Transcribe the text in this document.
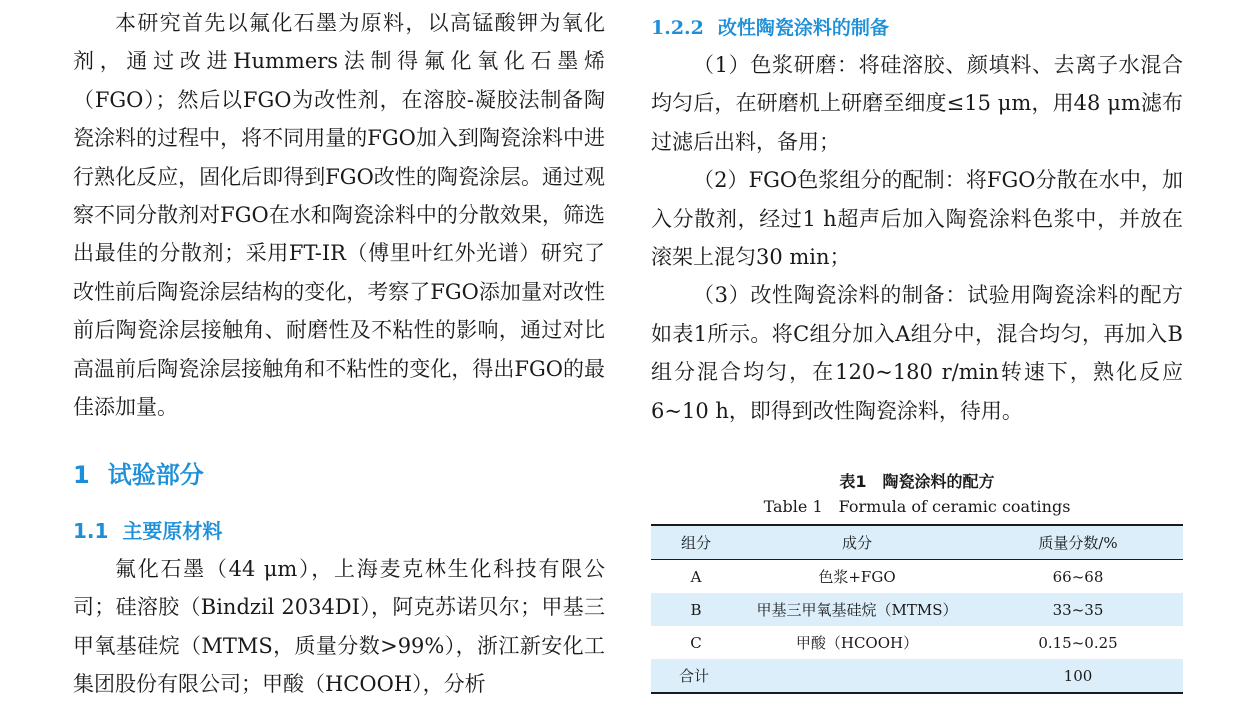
本研究首先以氟化石墨为原料，以高锰酸钾为氧化剂，通过改进Hummers法制得氟化氧化石墨烯（FGO）；然后以FGO为改性剂，在溶胶-凝胶法制备陶瓷涂料的过程中，将不同用量的FGO加入到陶瓷涂料中进行熟化反应，固化后即得到FGO改性的陶瓷涂层。通过观察不同分散剂对FGO在水和陶瓷涂料中的分散效果，筛选出最佳的分散剂；采用FT-IR（傅里叶红外光谱）研究了改性前后陶瓷涂层结构的变化，考察了FGO添加量对改性前后陶瓷涂层接触角、耐磨性及不粘性的影响，通过对比高温前后陶瓷涂层接触角和不粘性的变化，得出FGO的最佳添加量。

1 试验部分
1.1 主要原材料

氟化石墨（44 μm），上海麦克林生化科技有限公司；硅溶胶（Bindzil 2034DI），阿克苏诺贝尔；甲基三甲氧基硅烷（MTMS，质量分数>99%），浙江新安化工集团股份有限公司；甲酸（HCOOH），分析

1.2.2 改性陶瓷涂料的制备

（1）色浆研磨：将硅溶胶、颜填料、去离子水混合均匀后，在研磨机上研磨至细度≤15 μm，用48 μm滤布过滤后出料，备用；

（2）FGO色浆组分的配制：将FGO分散在水中，加入分散剂，经过1 h超声后加入陶瓷涂料色浆中，并放在滚架上混匀30 min；

（3）改性陶瓷涂料的制备：试验用陶瓷涂料的配方如表1所示。将C组分加入A组分中，混合均匀，再加入B组分混合均匀，在120~180 r/min转速下，熟化反应6~10 h，即得到改性陶瓷涂料，待用。

表1　陶瓷涂料的配方

Table 1　Formula of ceramic coatings

组分	成分	质量分数/%
A	色浆+FGO	66~68
B	甲基三甲氧基硅烷（MTMS）	33~35
C	甲酸（HCOOH）	0.15~0.25
合计		100
